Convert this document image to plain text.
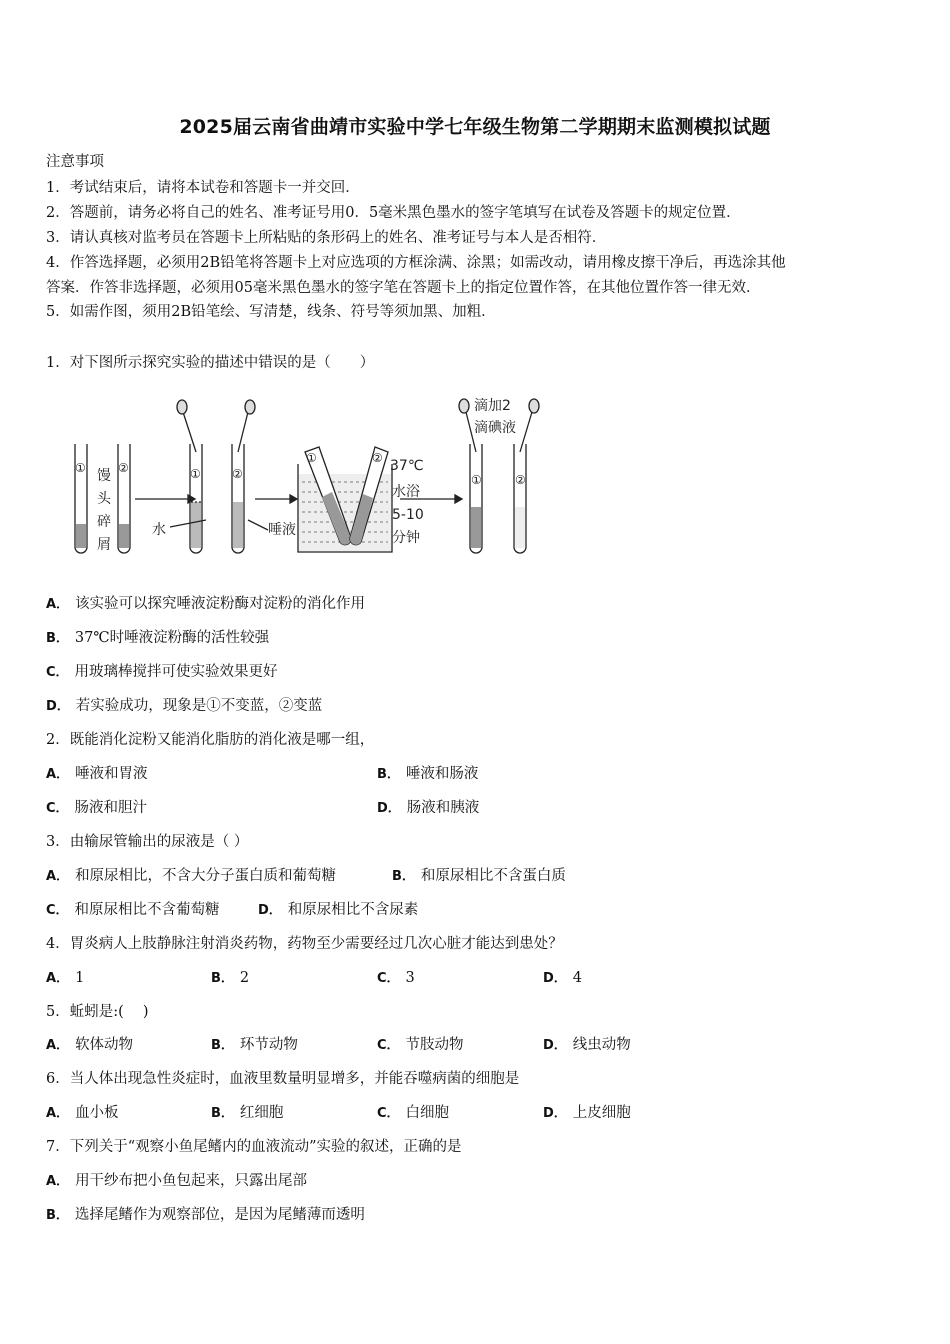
2025届云南省曲靖市实验中学七年级生物第二学期期末监测模拟试题
注意事项
1．考试结束后，请将本试卷和答题卡一并交回．
2．答题前，请务必将自己的姓名、准考证号用0．5毫米黑色墨水的签字笔填写在试卷及答题卡的规定位置．
3．请认真核对监考员在答题卡上所粘贴的条形码上的姓名、准考证号与本人是否相符．
4．作答选择题，必须用2B铅笔将答题卡上对应选项的方框涂满、涂黑；如需改动，请用橡皮擦干净后，再选涂其他
答案．作答非选择题，必须用05毫米黑色墨水的签字笔在答题卡上的指定位置作答，在其他位置作答一律无效．
5．如需作图，须用2B铅笔绘、写清楚，线条、符号等须加黑、加粗．
1．对下图所示探究实验的描述中错误的是（　　）
①	②	①	②
①	②
①	②
馒
头
碎
屑
水	唾液
37℃
水浴
5-10
分钟
滴加2
滴碘液
A． 该实验可以探究唾液淀粉酶对淀粉的消化作用
B． 37℃时唾液淀粉酶的活性较强
C． 用玻璃棒搅拌可使实验效果更好
D． 若实验成功，现象是①不变蓝，②变蓝
2．既能消化淀粉又能消化脂肪的消化液是哪一组，
A． 唾液和胃液	B． 唾液和肠液
C． 肠液和胆汁	D． 肠液和胰液
3．由输尿管输出的尿液是（ ）
A． 和原尿相比，不含大分子蛋白质和葡萄糖	B． 和原尿相比不含蛋白质
C． 和原尿相比不含葡萄糖	D． 和原尿相比不含尿素
4．胃炎病人上肢静脉注射消炎药物，药物至少需要经过几次心脏才能达到患处？
A． 1	B． 2	C． 3	D． 4
5．蚯蚓是:(　 )
A． 软体动物	B． 环节动物	C． 节肢动物	D． 线虫动物
6．当人体出现急性炎症时，血液里数量明显增多，并能吞噬病菌的细胞是
A． 血小板	B． 红细胞	C． 白细胞	D． 上皮细胞
7．下列关于“观察小鱼尾鳍内的血液流动”实验的叙述，正确的是
A． 用干纱布把小鱼包起来，只露出尾部
B． 选择尾鳍作为观察部位，是因为尾鳍薄而透明
